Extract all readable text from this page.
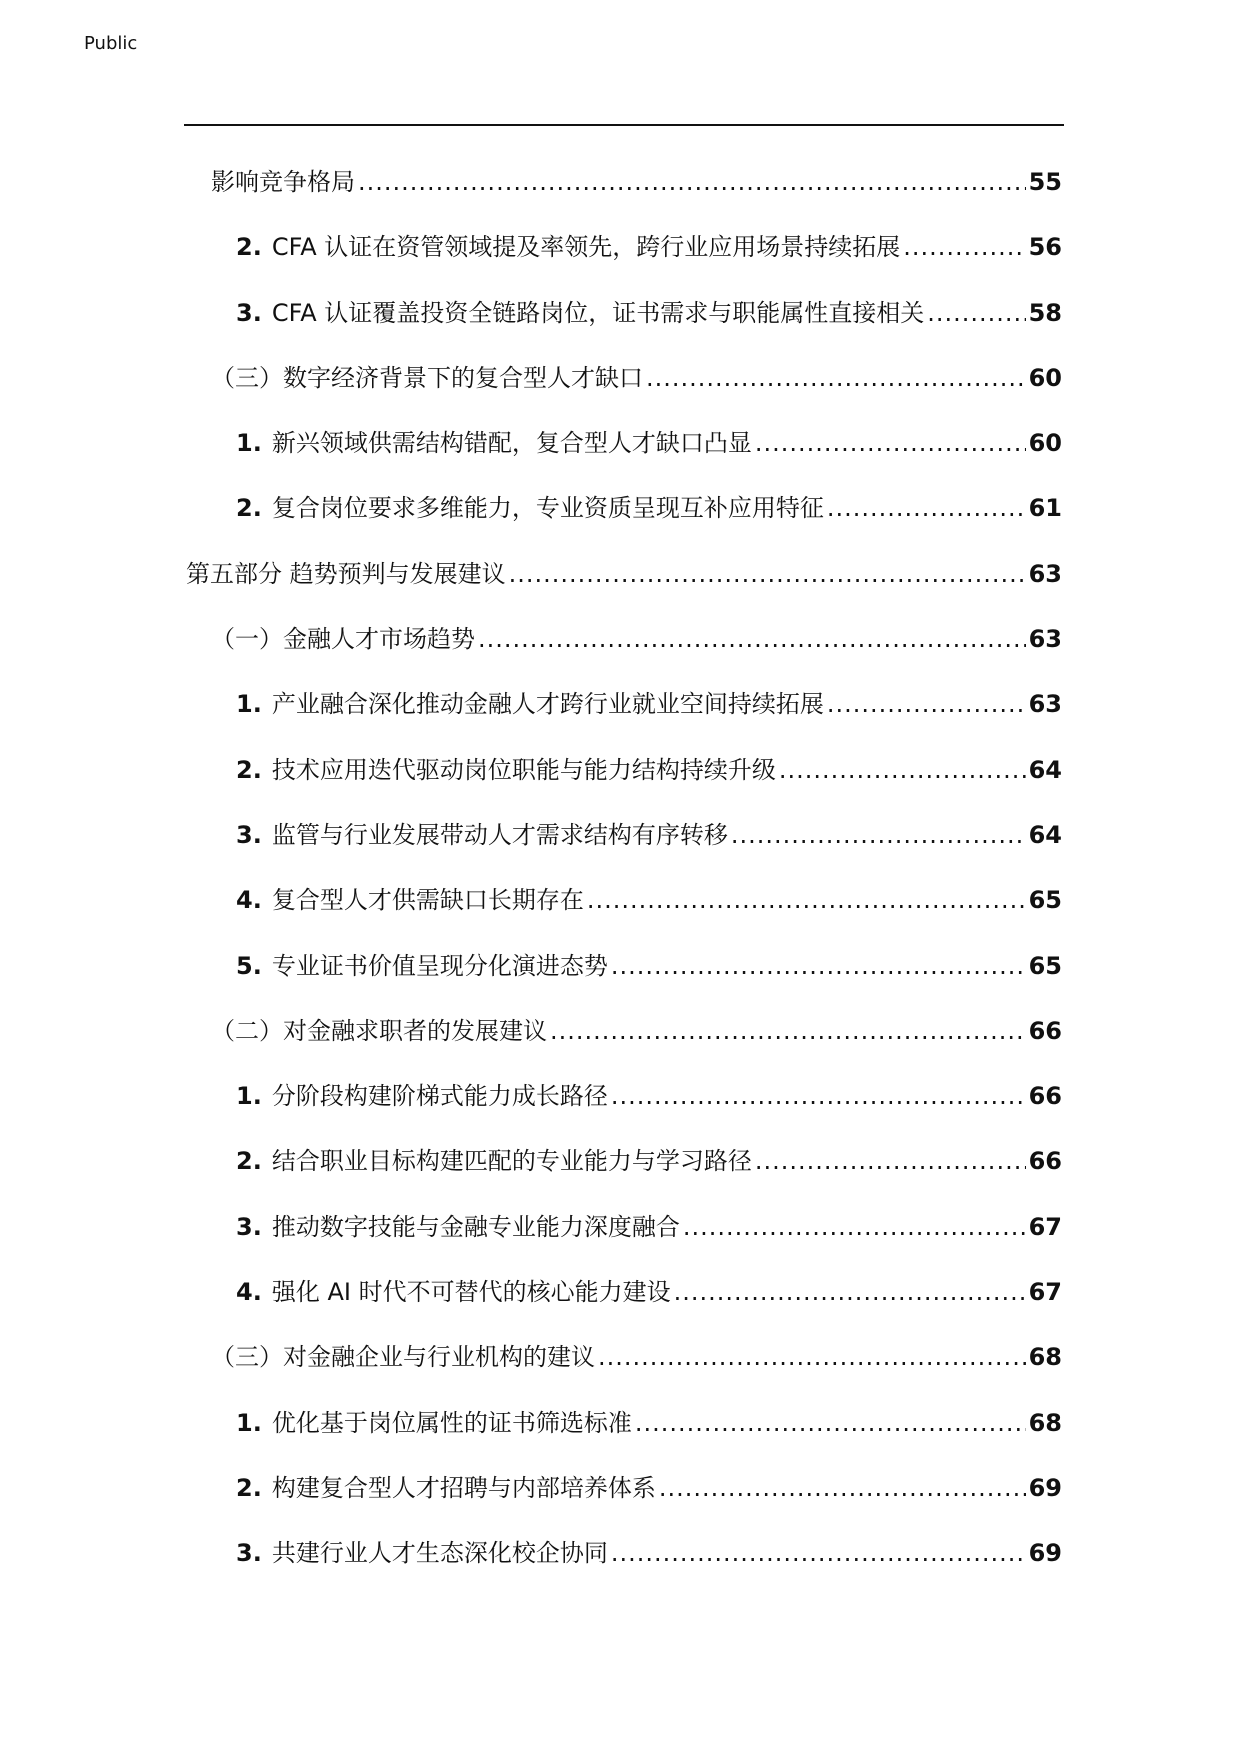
Public
影响竞争格局 .....	55
2. CFA 认证在资管领域提及率领先，跨行业应用场景持续拓展 .....	56
3. CFA 认证覆盖投资全链路岗位，证书需求与职能属性直接相关 .....	58
（三）数字经济背景下的复合型人才缺口 .....	60
1. 新兴领域供需结构错配，复合型人才缺口凸显 .....	60
2. 复合岗位要求多维能力，专业资质呈现互补应用特征 .....	61
第五部分 趋势预判与发展建议 .....	63
（一）金融人才市场趋势 .....	63
1. 产业融合深化推动金融人才跨行业就业空间持续拓展 .....	63
2. 技术应用迭代驱动岗位职能与能力结构持续升级 .....	64
3. 监管与行业发展带动人才需求结构有序转移 .....	64
4. 复合型人才供需缺口长期存在 .....	65
5. 专业证书价值呈现分化演进态势 .....	65
（二）对金融求职者的发展建议 .....	66
1. 分阶段构建阶梯式能力成长路径 .....	66
2. 结合职业目标构建匹配的专业能力与学习路径 .....	66
3. 推动数字技能与金融专业能力深度融合 .....	67
4. 强化 AI 时代不可替代的核心能力建设 .....	67
（三）对金融企业与行业机构的建议 .....	68
1. 优化基于岗位属性的证书筛选标准 .....	68
2. 构建复合型人才招聘与内部培养体系 .....	69
3. 共建行业人才生态深化校企协同 .....	69
